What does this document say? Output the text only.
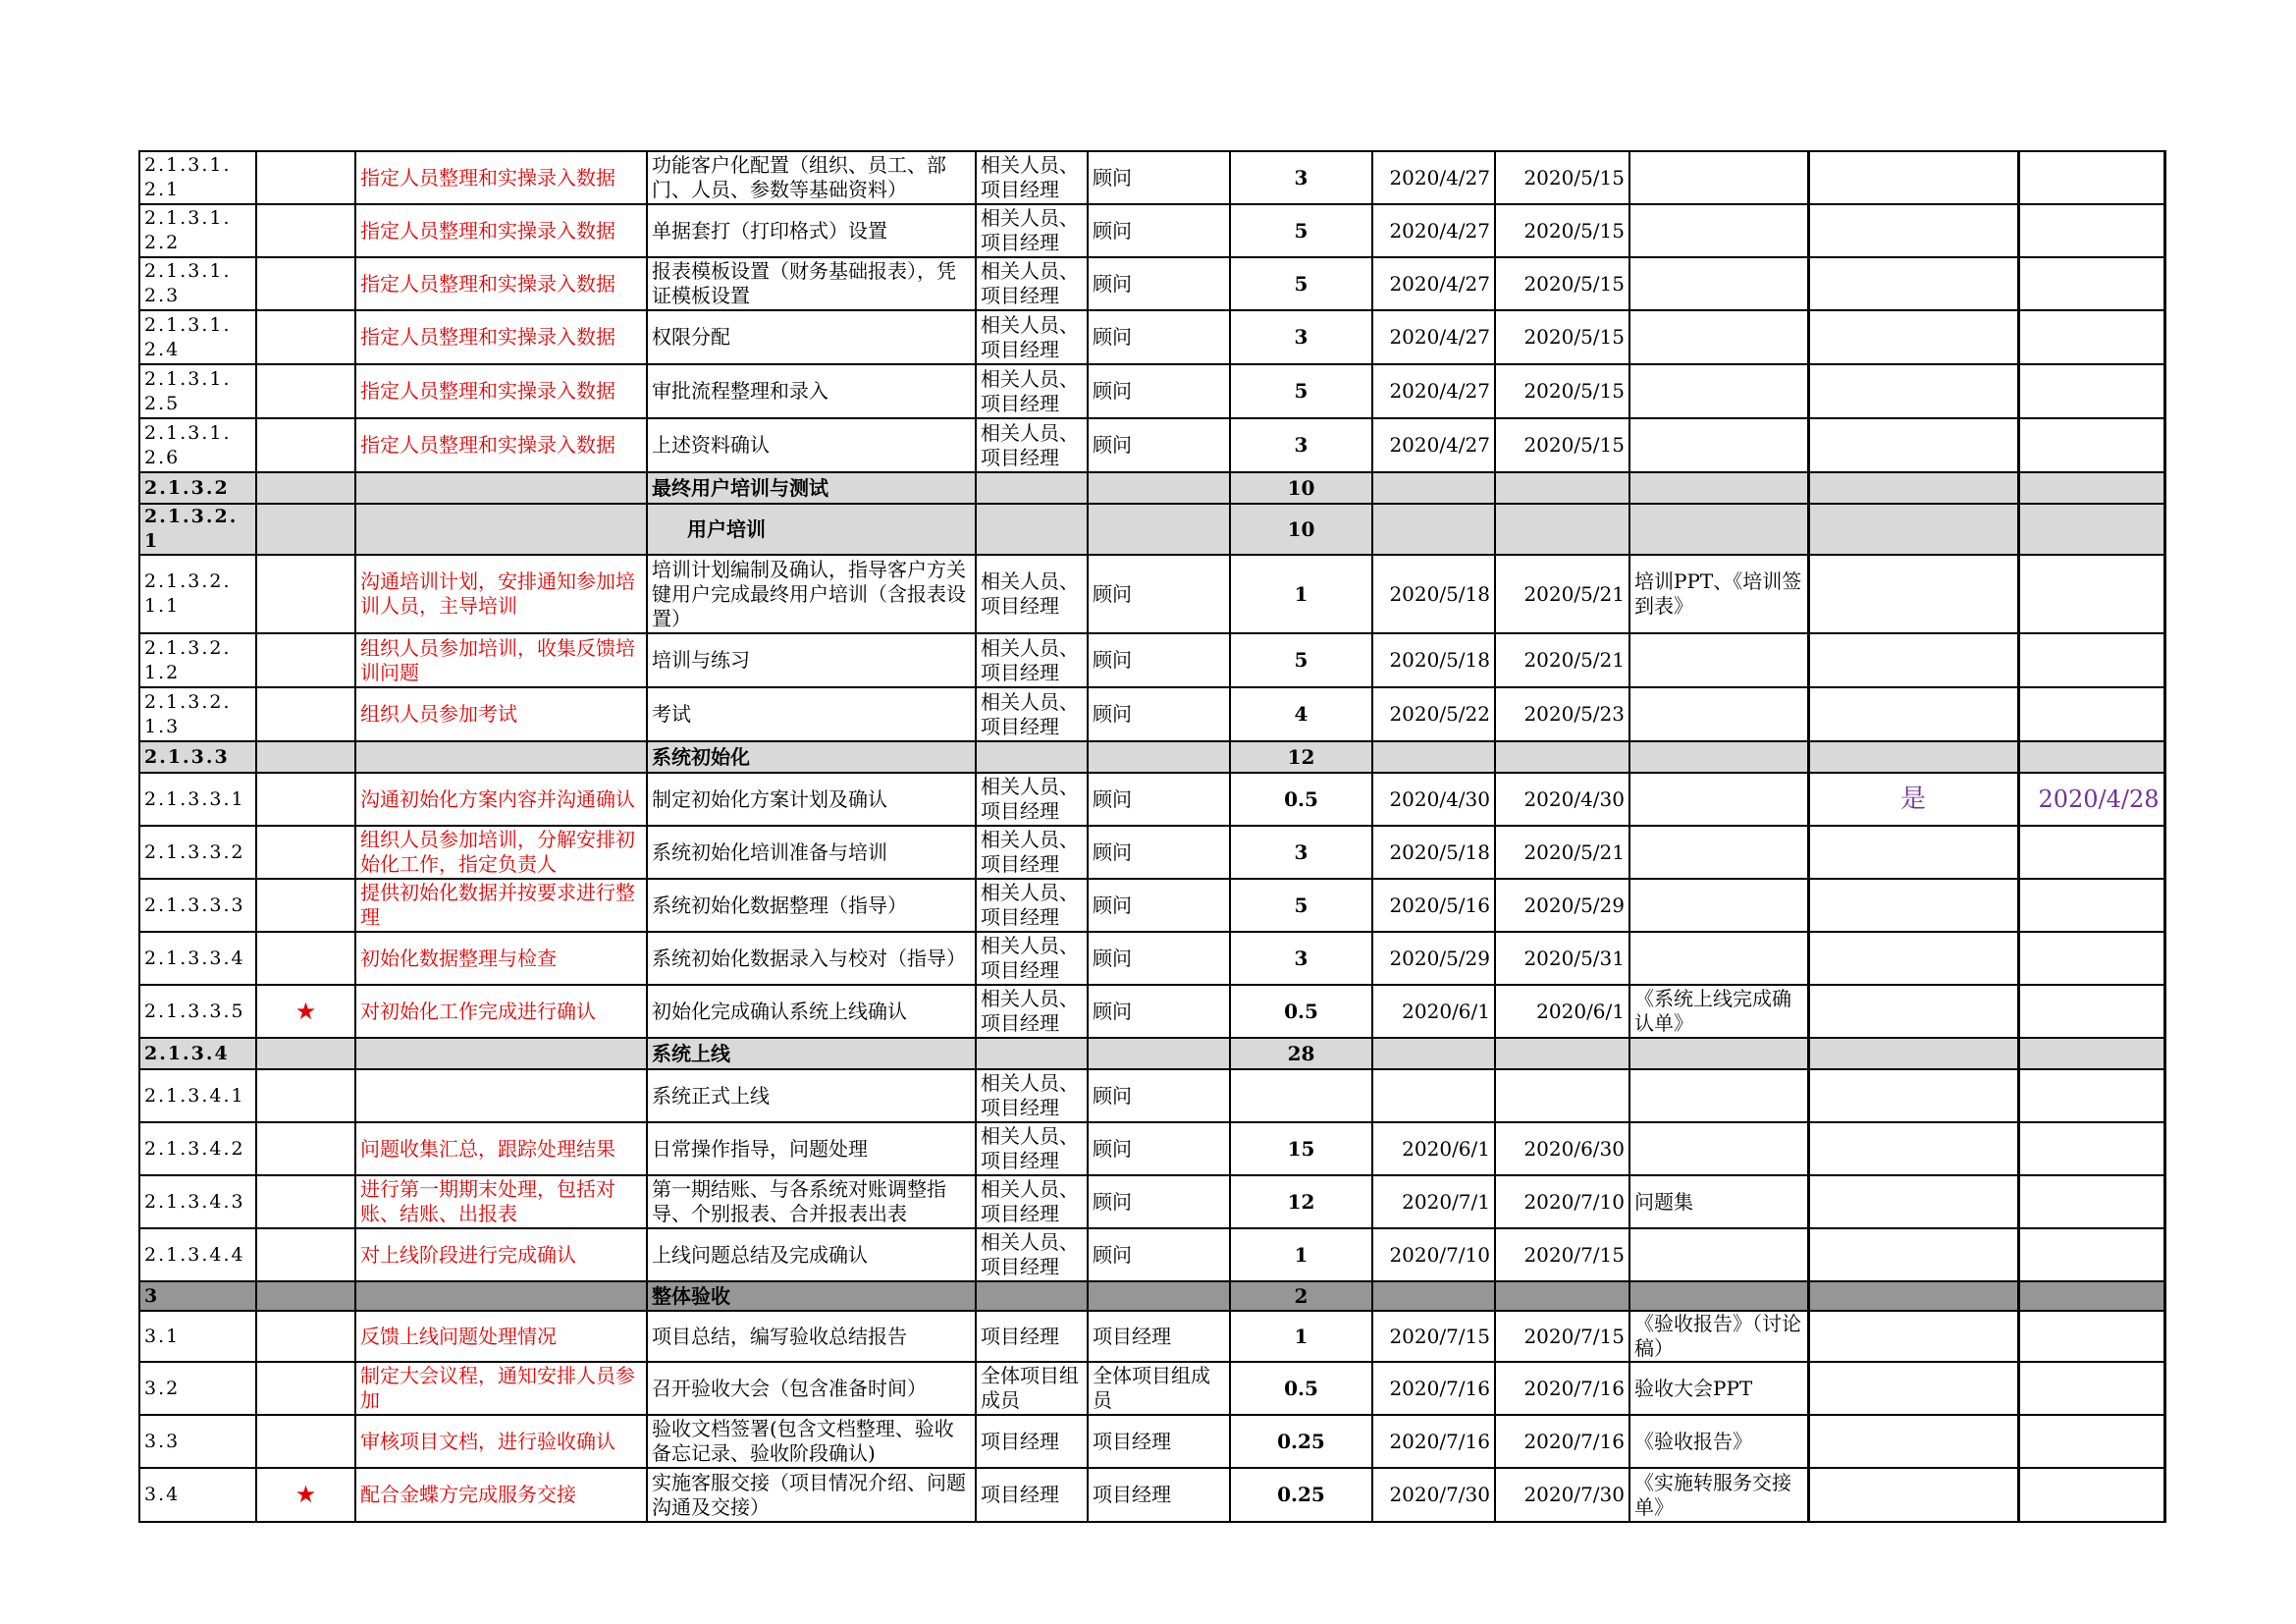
2.1.3.1.2.1		指定人员整理和实操录入数据	功能客户化配置（组织、员工、部门、人员、参数等基础资料）	相关人员、项目经理	顾问	3	2020/4/27	2020/5/15			
2.1.3.1.2.2		指定人员整理和实操录入数据	单据套打（打印格式）设置	相关人员、项目经理	顾问	5	2020/4/27	2020/5/15			
2.1.3.1.2.3		指定人员整理和实操录入数据	报表模板设置（财务基础报表），凭证模板设置	相关人员、项目经理	顾问	5	2020/4/27	2020/5/15			
2.1.3.1.2.4		指定人员整理和实操录入数据	权限分配	相关人员、项目经理	顾问	3	2020/4/27	2020/5/15			
2.1.3.1.2.5		指定人员整理和实操录入数据	审批流程整理和录入	相关人员、项目经理	顾问	5	2020/4/27	2020/5/15			
2.1.3.1.2.6		指定人员整理和实操录入数据	上述资料确认	相关人员、项目经理	顾问	3	2020/4/27	2020/5/15			
2.1.3.2			最终用户培训与测试			10					
2.1.3.2.1			用户培训			10					
2.1.3.2.1.1		沟通培训计划，安排通知参加培训人员，主导培训	培训计划编制及确认，指导客户方关键用户完成最终用户培训（含报表设置）	相关人员、项目经理	顾问	1	2020/5/18	2020/5/21	培训PPT、《培训签到表》		
2.1.3.2.1.2		组织人员参加培训，收集反馈培训问题	培训与练习	相关人员、项目经理	顾问	5	2020/5/18	2020/5/21			
2.1.3.2.1.3		组织人员参加考试	考试	相关人员、项目经理	顾问	4	2020/5/22	2020/5/23			
2.1.3.3			系统初始化			12					
2.1.3.3.1		沟通初始化方案内容并沟通确认	制定初始化方案计划及确认	相关人员、项目经理	顾问	0.5	2020/4/30	2020/4/30		是	2020/4/28
2.1.3.3.2		组织人员参加培训，分解安排初始化工作，指定负责人	系统初始化培训准备与培训	相关人员、项目经理	顾问	3	2020/5/18	2020/5/21			
2.1.3.3.3		提供初始化数据并按要求进行整理	系统初始化数据整理（指导）	相关人员、项目经理	顾问	5	2020/5/16	2020/5/29			
2.1.3.3.4		初始化数据整理与检查	系统初始化数据录入与校对（指导）	相关人员、项目经理	顾问	3	2020/5/29	2020/5/31			
2.1.3.3.5	★	对初始化工作完成进行确认	初始化完成确认系统上线确认	相关人员、项目经理	顾问	0.5	2020/6/1	2020/6/1	《系统上线完成确认单》		
2.1.3.4			系统上线			28					
2.1.3.4.1			系统正式上线	相关人员、项目经理	顾问						
2.1.3.4.2		问题收集汇总，跟踪处理结果	日常操作指导，问题处理	相关人员、项目经理	顾问	15	2020/6/1	2020/6/30			
2.1.3.4.3		进行第一期期末处理，包括对账、结账、出报表	第一期结账、与各系统对账调整指导、个别报表、合并报表出表	相关人员、项目经理	顾问	12	2020/7/1	2020/7/10	问题集		
2.1.3.4.4		对上线阶段进行完成确认	上线问题总结及完成确认	相关人员、项目经理	顾问	1	2020/7/10	2020/7/15			
3			整体验收			2					
3.1		反馈上线问题处理情况	项目总结，编写验收总结报告	项目经理	项目经理	1	2020/7/15	2020/7/15	《验收报告》（讨论稿）		
3.2		制定大会议程，通知安排人员参加	召开验收大会（包含准备时间）	全体项目组成员	全体项目组成员	0.5	2020/7/16	2020/7/16	验收大会PPT		
3.3		审核项目文档，进行验收确认	验收文档签署(包含文档整理、验收备忘记录、验收阶段确认)	项目经理	项目经理	0.25	2020/7/16	2020/7/16	《验收报告》		
3.4	★	配合金蝶方完成服务交接	实施客服交接（项目情况介绍、问题沟通及交接）	项目经理	项目经理	0.25	2020/7/30	2020/7/30	《实施转服务交接单》		
